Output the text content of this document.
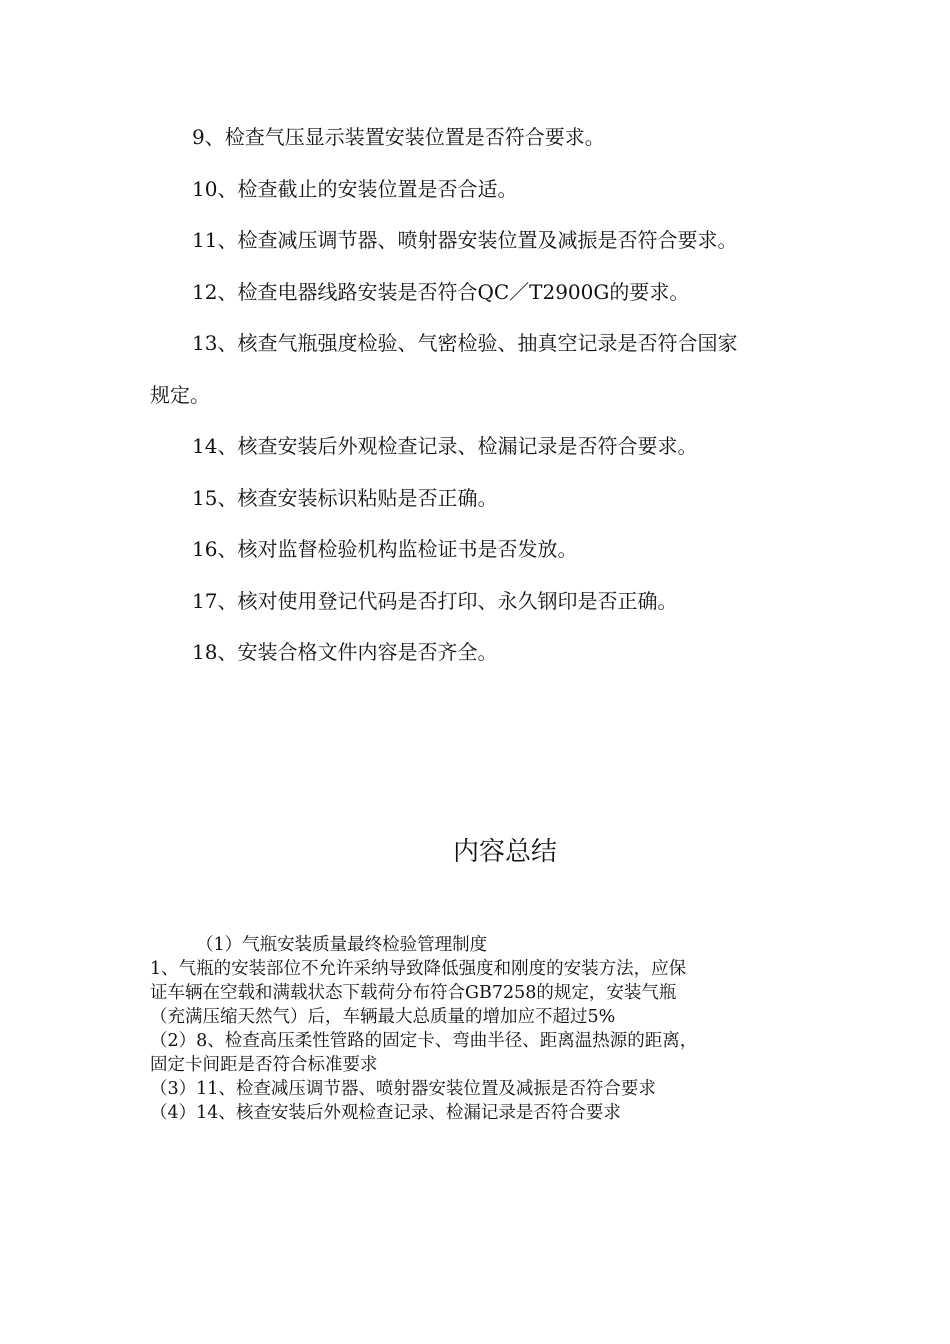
9、检查气压显示装置安装位置是否符合要求。
10、检查截止的安装位置是否合适。
11、检查减压调节器、喷射器安装位置及减振是否符合要求。
12、检查电器线路安装是否符合QC／T2900G的要求。
13、核查气瓶强度检验、气密检验、抽真空记录是否符合国家
规定。
14、核查安装后外观检查记录、检漏记录是否符合要求。
15、核查安装标识粘贴是否正确。
16、核对监督检验机构监检证书是否发放。
17、核对使用登记代码是否打印、永久钢印是否正确。
18、安装合格文件内容是否齐全。
内容总结
（1）气瓶安装质量最终检验管理制度
1、气瓶的安装部位不允许采纳导致降低强度和刚度的安装方法，应保
证车辆在空载和满载状态下载荷分布符合GB7258的规定，安装气瓶
（充满压缩天然气）后，车辆最大总质量的增加应不超过5%
（2）8、检查高压柔性管路的固定卡、弯曲半径、距离温热源的距离，
固定卡间距是否符合标准要求
（3）11、检查减压调节器、喷射器安装位置及减振是否符合要求
（4）14、核查安装后外观检查记录、检漏记录是否符合要求
